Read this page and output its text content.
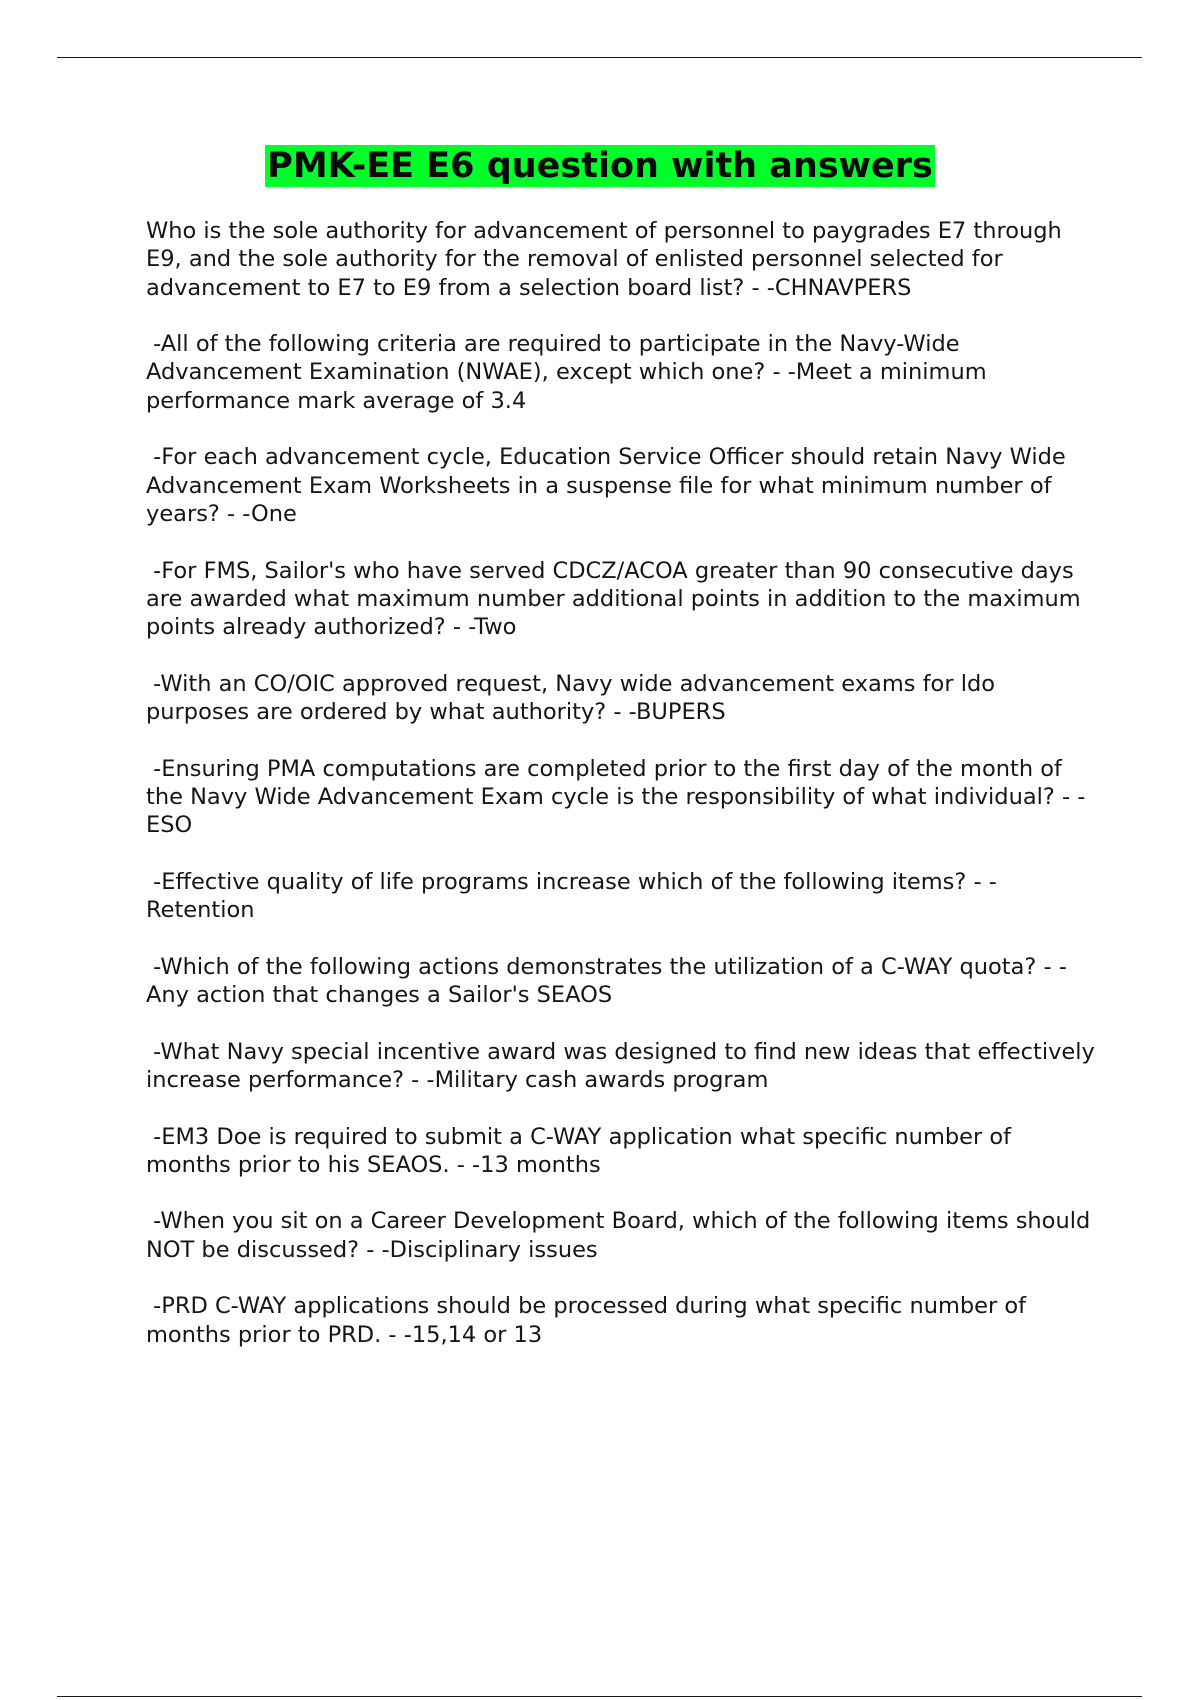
PMK-EE E6 question with answers

Who is the sole authority for advancement of personnel to paygrades E7 through E9, and the sole authority for the removal of enlisted personnel selected for advancement to E7 to E9 from a selection board list? - -CHNAVPERS

-All of the following criteria are required to participate in the Navy-Wide Advancement Examination (NWAE), except which one? - -Meet a minimum performance mark average of 3.4

-For each advancement cycle, Education Service Officer should retain Navy Wide Advancement Exam Worksheets in a suspense file for what minimum number of years? - -One

-For FMS, Sailor's who have served CDCZ/ACOA greater than 90 consecutive days are awarded what maximum number additional points in addition to the maximum points already authorized? - -Two

-With an CO/OIC approved request, Navy wide advancement exams for ldo purposes are ordered by what authority? - -BUPERS

-Ensuring PMA computations are completed prior to the first day of the month of the Navy Wide Advancement Exam cycle is the responsibility of what individual? - -ESO

-Effective quality of life programs increase which of the following items? - -Retention

-Which of the following actions demonstrates the utilization of a C-WAY quota? - -Any action that changes a Sailor's SEAOS

-What Navy special incentive award was designed to find new ideas that effectively increase performance? - -Military cash awards program

-EM3 Doe is required to submit a C-WAY application what specific number of months prior to his SEAOS. - -13 months

-When you sit on a Career Development Board, which of the following items should NOT be discussed? - -Disciplinary issues

-PRD C-WAY applications should be processed during what specific number of months prior to PRD. - -15,14 or 13
